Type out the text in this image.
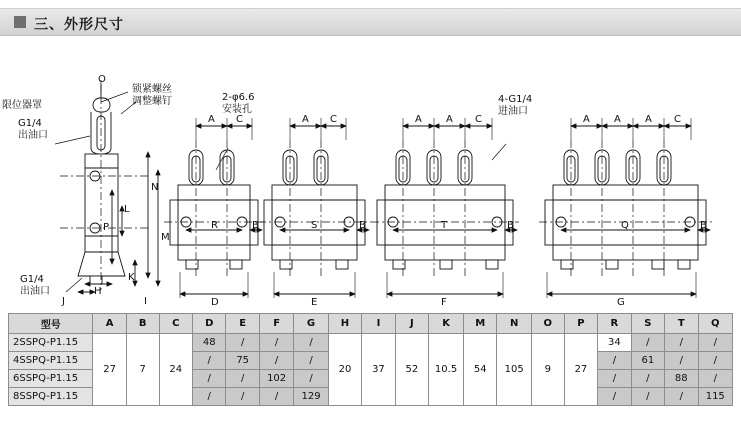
三、外形尺寸
锁紧螺丝
调整螺钉
限位器罩
G1/4
出油口
G1/4
出油口
2-φ6.6
安装孔
4-G1/4
进油口
O
N
L
P
M
K
H
J	I
A C
R	B
D
A C
S	B
E
A A C
T	B
F
A A A C
Q	B
G
型号	A	B	C	D	E	F	G	H	I	J	K	M	N	O	P	R	S	T	Q
2SSPQ-P1.15	27	7	24	48	/	/	/	20	37	52	10.5	54	105	9	27	34	/	/	/
4SSPQ-P1.15				/	75	/	/									/	61	/	/
6SSPQ-P1.15				/	/	102	/									/	/	88	/
8SSPQ-P1.15				/	/	/	129									/	/	/	115
